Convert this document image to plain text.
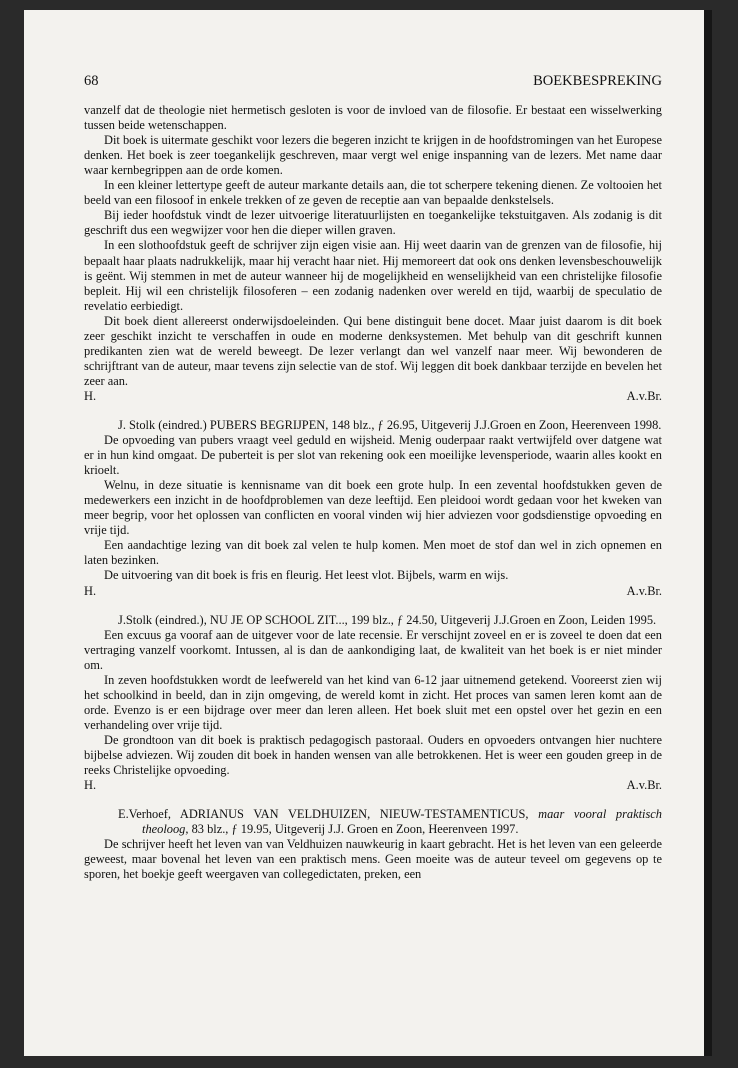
68	BOEKBESPREKING

vanzelf dat de theologie niet hermetisch gesloten is voor de invloed van de filosofie. Er bestaat een wisselwerking tussen beide wetenschappen.

Dit boek is uitermate geschikt voor lezers die begeren inzicht te krijgen in de hoofdstromingen van het Europese denken. Het boek is zeer toegankelijk geschreven, maar vergt wel enige inspanning van de lezers. Met name daar waar kernbegrippen aan de orde komen.

In een kleiner lettertype geeft de auteur markante details aan, die tot scherpere tekening dienen. Ze voltooien het beeld van een filosoof in enkele trekken of ze geven de receptie aan van bepaalde denkstelsels.

Bij ieder hoofdstuk vindt de lezer uitvoerige literatuurlijsten en toegankelijke tekstuitgaven. Als zodanig is dit geschrift dus een wegwijzer voor hen die dieper willen graven.

In een slothoofdstuk geeft de schrijver zijn eigen visie aan. Hij weet daarin van de grenzen van de filosofie, hij bepaalt haar plaats nadrukkelijk, maar hij veracht haar niet. Hij memoreert dat ook ons denken levensbeschouwelijk is geënt. Wij stemmen in met de auteur wanneer hij de mogelijkheid en wenselijkheid van een christelijke filosofie bepleit. Hij wil een christelijk filosoferen – een zodanig nadenken over wereld en tijd, waarbij de speculatio de revelatio eerbiedigt.

Dit boek dient allereerst onderwijsdoeleinden. Qui bene distinguit bene docet. Maar juist daarom is dit boek zeer geschikt inzicht te verschaffen in oude en moderne denksystemen. Met behulp van dit geschrift kunnen predikanten zien wat de wereld beweegt. De lezer verlangt dan wel vanzelf naar meer. Wij bewonderen de schrijftrant van de auteur, maar tevens zijn selectie van de stof. Wij leggen dit boek dankbaar terzijde en bevelen het zeer aan.

H.	A.v.Br.

J. Stolk (eindred.) PUBERS BEGRIJPEN, 148 blz., ƒ 26.95, Uitgeverij J.J.Groen en Zoon, Heerenveen 1998.

De opvoeding van pubers vraagt veel geduld en wijsheid. Menig ouderpaar raakt vertwijfeld over datgene wat er in hun kind omgaat. De puberteit is per slot van rekening ook een moeilijke levensperiode, waarin alles kookt en krioelt.

Welnu, in deze situatie is kennisname van dit boek een grote hulp. In een zevental hoofdstukken geven de medewerkers een inzicht in de hoofdproblemen van deze leeftijd. Een pleidooi wordt gedaan voor het kweken van meer begrip, voor het oplossen van conflicten en vooral vinden wij hier adviezen voor godsdienstige opvoeding en vrije tijd.

Een aandachtige lezing van dit boek zal velen te hulp komen. Men moet de stof dan wel in zich opnemen en laten bezinken.

De uitvoering van dit boek is fris en fleurig. Het leest vlot. Bijbels, warm en wijs.

H.	A.v.Br.

J.Stolk (eindred.), NU JE OP SCHOOL ZIT..., 199 blz., ƒ 24.50, Uitgeverij J.J.Groen en Zoon, Leiden 1995.

Een excuus ga vooraf aan de uitgever voor de late recensie. Er verschijnt zoveel en er is zoveel te doen dat een vertraging vanzelf voorkomt. Intussen, al is dan de aankondiging laat, de kwaliteit van het boek is er niet minder om.

In zeven hoofdstukken wordt de leefwereld van het kind van 6-12 jaar uitnemend getekend. Vooreerst zien wij het schoolkind in beeld, dan in zijn omgeving, de wereld komt in zicht. Het proces van samen leren komt aan de orde. Evenzo is er een bijdrage over meer dan leren alleen. Het boek sluit met een opstel over het gezin en een verhandeling over vrije tijd.

De grondtoon van dit boek is praktisch pedagogisch pastoraal. Ouders en opvoeders ontvangen hier nuchtere bijbelse adviezen. Wij zouden dit boek in handen wensen van alle betrokkenen. Het is weer een gouden greep in de reeks Christelijke opvoeding.

H.	A.v.Br.

E.Verhoef, ADRIANUS VAN VELDHUIZEN, NIEUW-TESTAMENTICUS, maar vooral praktisch theoloog, 83 blz., ƒ 19.95, Uitgeverij J.J. Groen en Zoon, Heerenveen 1997.

De schrijver heeft het leven van van Veldhuizen nauwkeurig in kaart gebracht. Het is het leven van een geleerde geweest, maar bovenal het leven van een praktisch mens. Geen moeite was de auteur teveel om gegevens op te sporen, het boekje geeft weergaven van collegedictaten, preken, een
